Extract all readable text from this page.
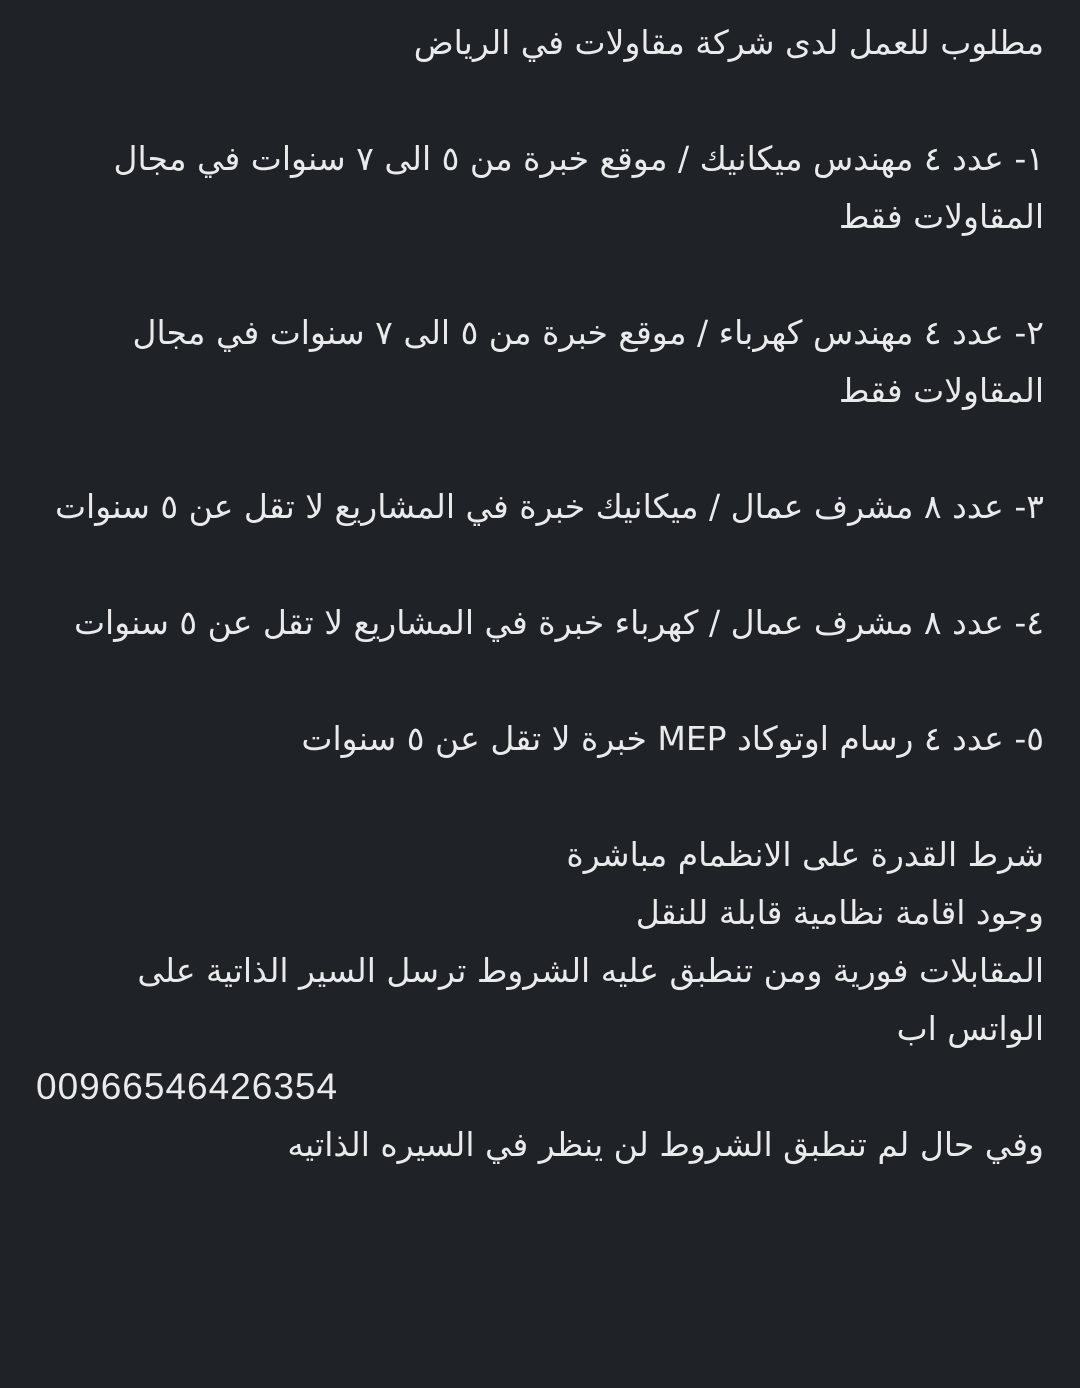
مطلوب للعمل لدى شركة مقاولات في الرياض
١- عدد ٤ مهندس ميكانيك / موقع خبرة من ٥ الى ٧ سنوات في مجال المقاولات فقط
٢- عدد ٤ مهندس كهرباء / موقع خبرة من ٥ الى ٧ سنوات في مجال المقاولات فقط
٣- عدد ٨ مشرف عمال / ميكانيك خبرة في المشاريع لا تقل عن ٥ سنوات
٤- عدد ٨ مشرف عمال / كهرباء خبرة في المشاريع لا تقل عن ٥ سنوات
٥- عدد ٤ رسام اوتوكاد MEP خبرة لا تقل عن ٥ سنوات
شرط القدرة على الانظمام مباشرة
وجود اقامة نظامية قابلة للنقل
المقابلات فورية ومن تنطبق عليه الشروط ترسل السير الذاتية على الواتس اب
00966546426354
وفي حال لم تنطبق الشروط لن ينظر في السيره الذاتيه
